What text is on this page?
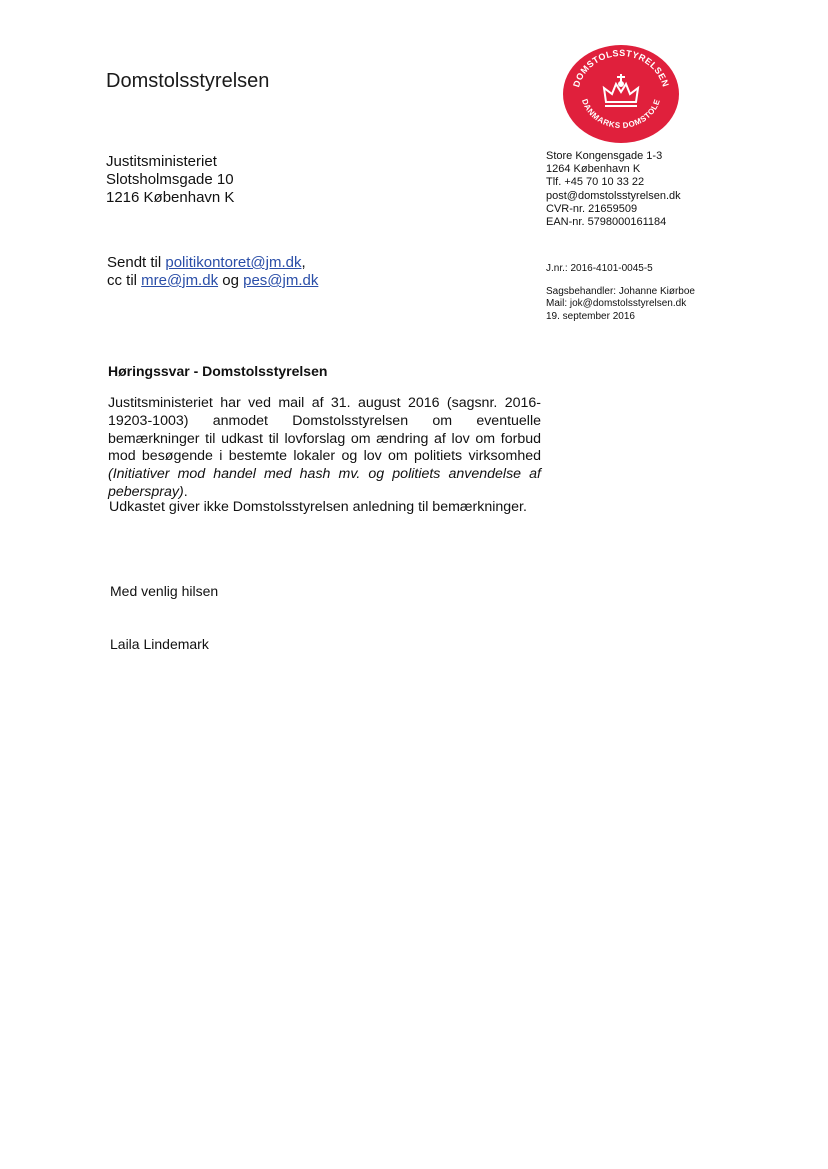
Domstolsstyrelsen	DOMSTOLSSTYRELSEN
DANMARKS DOMSTOLE
Justitsministeriet
Slotsholmsgade 10
1216 København K
Store Kongensgade 1-3
1264 København K
Tlf. +45 70 10 33 22
post@domstolsstyrelsen.dk
CVR-nr. 21659509
EAN-nr. 5798000161184
Sendt til politikontoret@jm.dk,
cc til mre@jm.dk og pes@jm.dk
J.nr.: 2016-4101-0045-5
Sagsbehandler: Johanne Kiørboe
Mail: jok@domstolsstyrelsen.dk
19. september 2016
Høringssvar - Domstolsstyrelsen
Justitsministeriet har ved mail af 31. august 2016 (sagsnr. 2016-19203-1003) anmodet Domstolsstyrelsen om eventuelle bemærkninger til udkast til lovforslag om ændring af lov om forbud mod besøgende i bestemte lokaler og lov om politiets virksomhed (Initiativer mod handel med hash mv. og politiets anvendelse af peberspray).
Udkastet giver ikke Domstolsstyrelsen anledning til bemærkninger.
Med venlig hilsen
Laila Lindemark
